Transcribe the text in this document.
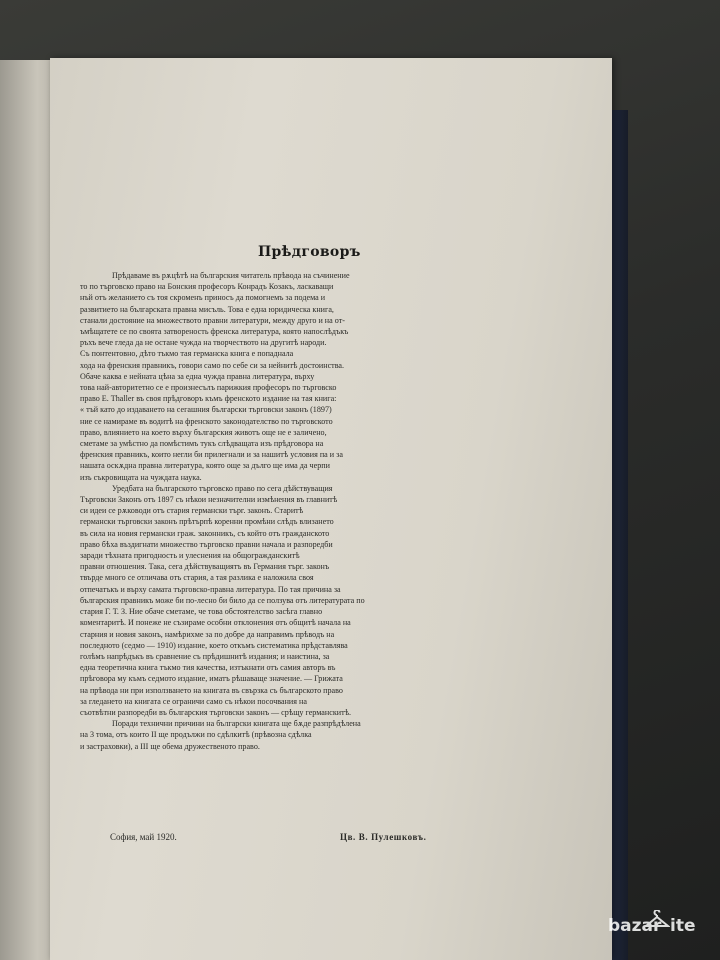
Прѣдговоръ
Прѣдаваме въ рѫцѣтѣ на българския читатель прѣвода на съчинение
то по търговско право на Бонския професоръ Конрадъ Козакъ, ласкаващи
нъй отъ желанието съ тоя скроменъ приносъ да помогнемъ за подема и
развитието на българската правна мисъль. Това е една юридическа книга,
станали достояние на множеството правни литератури, между друго и на от-
ъмѣщатете се по своята затвореность френска литература, която напослѣдъкъ
ръхъ вече гледа да не остане чужда на творчеството на другитѣ народи.
Съ понтентовно, дѣто тъкмо тая германска книга е попаднала
хода на френския правникъ, говори само по себе си за нейнитѣ достоинства.
Обаче каква е нейната цѣна за една чужда правна литература, върху
това най-авторитетно се е произнесълъ парижкия професоръ по търговско
право Е. Thaller въ своя прѣдговоръ къмъ френското издание на тая книга:
« тъй като до издаването на сегашния български търговски законъ (1897)
ние се намираме въ водитѣ на френското законодателство по търговското
право, влиянието на което върху българския животъ още не е заличено,
сметаме за умѣстно да помѣстимъ тукъ слѣдващата изъ прѣдговора на
френския правникъ, които негли би прилегнали и за нашитѣ условия па и за
нашата оскѫдна правна литература, която още за дълго ще има да черпи
изъ съкровищата на чуждата наука.
Уредбата на българското търговско право по сега дѣйствуващия
Търговски Законъ отъ 1897 съ нѣкои незначителни измѣнения въ главнитѣ
си идеи се рѫководи отъ стария германски търг. законъ. Старитѣ
германски търговски законъ прѣтърпѣ коренни промѣни слѣдъ влизането
въ сила на новия германски граж. законникъ, съ който отъ гражданското
право бѣха въздигнати множество търговско правни начала и разпоредби
заради тѣхната пригодность и улеснения на общогражданскитѣ
правни отношения. Така, сега дѣйствуващиятъ въ Германия търг. законъ
твърде много се отличава отъ стария, а тая разлика е наложила своя
отпечатъкъ и върху самата търговско-правна литература. По тая причина за
българския правникъ може би по-лесно би било да се ползува отъ литературата по
стария Г. Т. З. Ние обаче сметаме, че това обстоятелство засѣга главно
коментаритѣ. И понеже не съзираме особни отклонения отъ общитѣ начала на
старния и новия законъ, намѣрихме за по добре да направимъ прѣводъ на
последното (седмо — 1910) издание, което откъмъ систематика прѣдставлява
голѣмъ напрѣдъкъ въ сравнение съ прѣдишнитѣ издания; и наистина, за
една теоретична книга тъкмо тия качества, изтъкнати отъ самия авторъ въ
прѣговора му къмъ седмото издание, иматъ рѣшаваще значение. — Грижата
на прѣвода ни при използването на книгата въ свързка съ българското право
за гледането на книгата се ограничи само съ нѣкои посочвания на
съотвѣтни разпоредби въ българския търговски законъ — срѣщу германскитѣ.
Поради технични причини на български книгата ще бѫде разпрѣдѣлена
на 3 тома, отъ които II ще продължи по сдѣлкитѣ (прѣвозна сдѣлка
и застраховки), а III ще обема дружественото право.
София, май 1920.	Цв. В. Пулешковъ.
bazar ite
